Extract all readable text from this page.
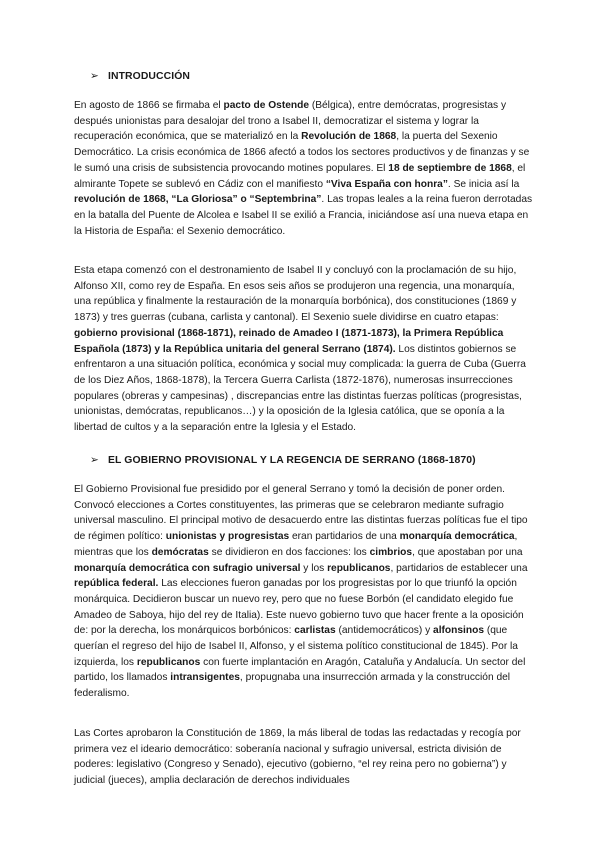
➢ INTRODUCCIÓN
En agosto de 1866 se firmaba el pacto de Ostende (Bélgica), entre demócratas, progresistas y después unionistas para desalojar del trono a Isabel II, democratizar el sistema y lograr la recuperación económica, que se materializó en la Revolución de 1868, la puerta del Sexenio Democrático. La crisis económica de 1866 afectó a todos los sectores productivos y de finanzas y se le sumó una crisis de subsistencia provocando motines populares. El 18 de septiembre de 1868, el almirante Topete se sublevó en Cádiz con el manifiesto “Viva España con honra”. Se inicia así la revolución de 1868, “La Gloriosa” o “Septembrina”. Las tropas leales a la reina fueron derrotadas en la batalla del Puente de Alcolea e Isabel II se exilió a Francia, iniciándose así una nueva etapa en la Historia de España: el Sexenio democrático.
Esta etapa comenzó con el destronamiento de Isabel II y concluyó con la proclamación de su hijo, Alfonso XII, como rey de España. En esos seis años se produjeron una regencia, una monarquía, una república y finalmente la restauración de la monarquía borbónica), dos constituciones (1869 y 1873) y tres guerras (cubana, carlista y cantonal). El Sexenio suele dividirse en cuatro etapas: gobierno provisional (1868-1871), reinado de Amadeo I (1871-1873), la Primera República Española (1873) y la República unitaria del general Serrano (1874). Los distintos gobiernos se enfrentaron a una situación política, económica y social muy complicada: la guerra de Cuba (Guerra de los Diez Años, 1868-1878), la Tercera Guerra Carlista (1872-1876), numerosas insurrecciones populares (obreras y campesinas) , discrepancias entre las distintas fuerzas políticas (progresistas, unionistas, demócratas, republicanos…) y la oposición de la Iglesia católica, que se oponía a la libertad de cultos y a la separación entre la Iglesia y el Estado.
➢ EL GOBIERNO PROVISIONAL Y LA REGENCIA DE SERRANO (1868-1870)
El Gobierno Provisional fue presidido por el general Serrano y tomó la decisión de poner orden. Convocó elecciones a Cortes constituyentes, las primeras que se celebraron mediante sufragio universal masculino. El principal motivo de desacuerdo entre las distintas fuerzas políticas fue el tipo de régimen político: unionistas y progresistas eran partidarios de una monarquía democrática, mientras que los demócratas se dividieron en dos facciones: los cimbrios, que apostaban por una monarquía democrática con sufragio universal y los republicanos, partidarios de establecer una república federal. Las elecciones fueron ganadas por los progresistas por lo que triunfó la opción monárquica. Decidieron buscar un nuevo rey, pero que no fuese Borbón (el candidato elegido fue Amadeo de Saboya, hijo del rey de Italia). Este nuevo gobierno tuvo que hacer frente a la oposición de: por la derecha, los monárquicos borbónicos: carlistas (antidemocráticos) y alfonsinos (que querían el regreso del hijo de Isabel II, Alfonso, y el sistema político constitucional de 1845). Por la izquierda, los republicanos con fuerte implantación en Aragón, Cataluña y Andalucía. Un sector del partido, los llamados intransigentes, propugnaba una insurrección armada y la construcción del federalismo.
Las Cortes aprobaron la Constitución de 1869, la más liberal de todas las redactadas y recogía por primera vez el ideario democrático: soberanía nacional y sufragio universal, estricta división de poderes: legislativo (Congreso y Senado), ejecutivo (gobierno, “el rey reina pero no gobierna”) y judicial (jueces), amplia declaración de derechos individuales
